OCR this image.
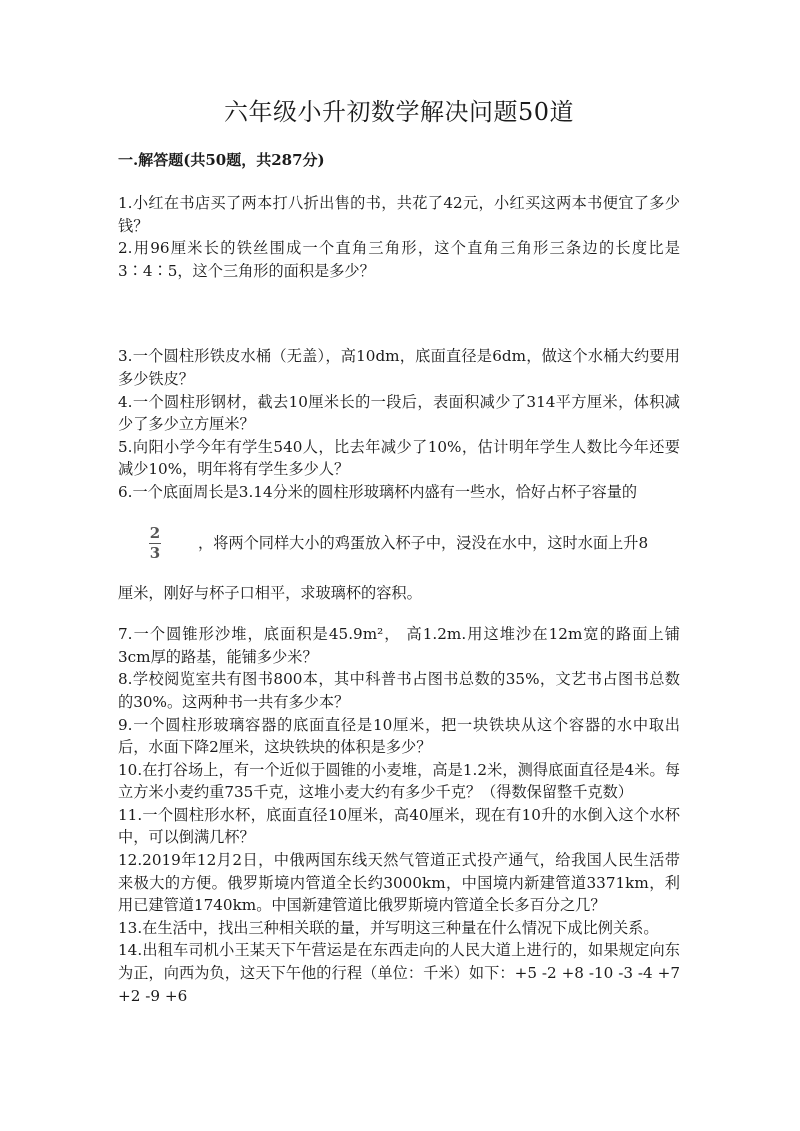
六年级小升初数学解决问题50道
一.解答题(共50题，共287分)

1.小红在书店买了两本打八折出售的书，共花了42元，小红买这两本书便宜了多少钱？

2.用96厘米长的铁丝围成一个直角三角形，这个直角三角形三条边的长度比是3∶4∶5，这个三角形的面积是多少？

3.一个圆柱形铁皮水桶（无盖），高10dm，底面直径是6dm，做这个水桶大约要用多少铁皮？

4.一个圆柱形钢材，截去10厘米长的一段后，表面积减少了314平方厘米，体积减少了多少立方厘米？

5.向阳小学今年有学生540人，比去年减少了10%，估计明年学生人数比今年还要减少10%，明年将有学生多少人？

6.一个底面周长是3.14分米的圆柱形玻璃杯内盛有一些水，恰好占杯子容量的

$\frac{2}{3}$ ，将两个同样大小的鸡蛋放入杯子中，浸没在水中，这时水面上升8

厘米，刚好与杯子口相平，求玻璃杯的容积。

7.一个圆锥形沙堆，底面积是45.9m²， 高1.2m.用这堆沙在12m宽的路面上铺3cm厚的路基，能铺多少米？

8.学校阅览室共有图书800本，其中科普书占图书总数的35%，文艺书占图书总数的30%。这两种书一共有多少本？

9.一个圆柱形玻璃容器的底面直径是10厘米，把一块铁块从这个容器的水中取出后，水面下降2厘米，这块铁块的体积是多少？

10.在打谷场上，有一个近似于圆锥的小麦堆，高是1.2米，测得底面直径是4米。每立方米小麦约重735千克，这堆小麦大约有多少千克？（得数保留整千克数）

11.一个圆柱形水杯，底面直径10厘米，高40厘米，现在有10升的水倒入这个水杯中，可以倒满几杯？

12.2019年12月2日，中俄两国东线天然气管道正式投产通气，给我国人民生活带来极大的方便。俄罗斯境内管道全长约3000km，中国境内新建管道3371km，利用已建管道1740km。中国新建管道比俄罗斯境内管道全长多百分之几？

13.在生活中，找出三种相关联的量，并写明这三种量在什么情况下成比例关系。

14.出租车司机小王某天下午营运是在东西走向的人民大道上进行的，如果规定向东为正，向西为负，这天下午他的行程（单位：千米）如下：+5 -2 +8 -10 -3 -4 +7 +2 -9 +6
